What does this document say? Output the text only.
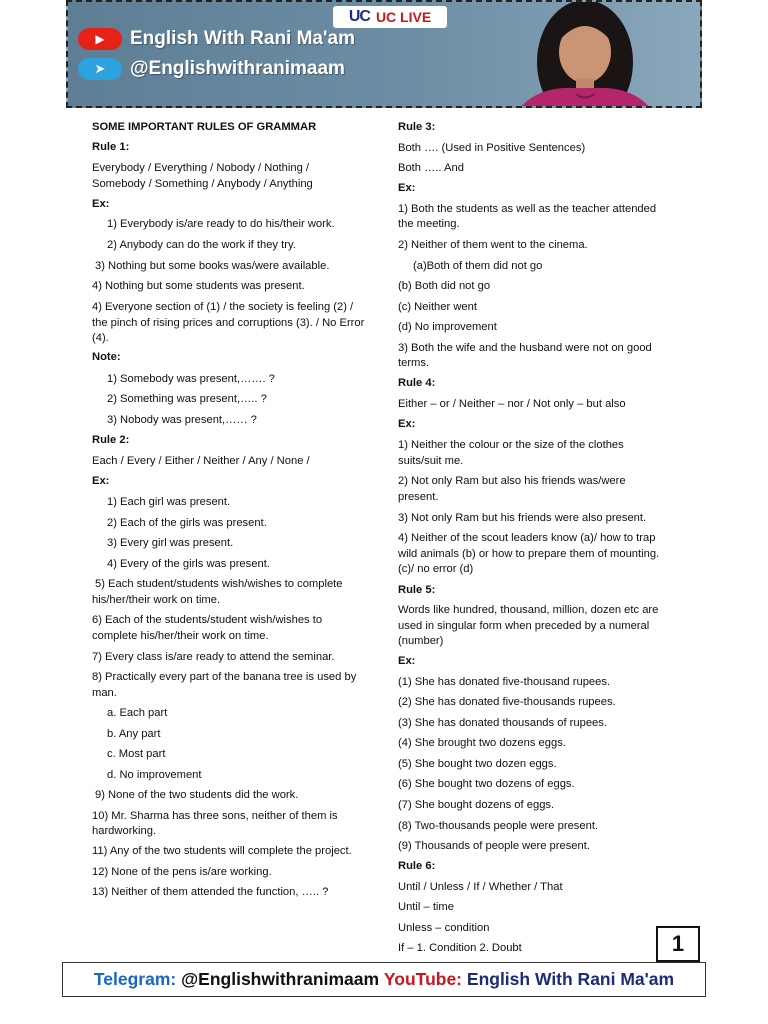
UC UC LIVE
▶	English With Rani Ma'am
➤	@Englishwithranimaam

SOME IMPORTANT RULES OF GRAMMAR

Rule 1:

Everybody / Everything / Nobody / Nothing /

Somebody / Something / Anybody / Anything

Ex:

1) Everybody is/are ready to do his/their work.

2) Anybody can do the work if they try.

3) Nothing but some books was/were available.

4) Nothing but some students was present.

4) Everyone section of (1) / the society is feeling (2) /

the pinch of rising prices and corruptions (3). / No Error

(4).

Note:

1) Somebody was present,……. ?

2) Something was present,….. ?

3) Nobody was present,…… ?

Rule 2:

Each / Every / Either / Neither / Any / None /

Ex:

1) Each girl was present.

2) Each of the girls was present.

3) Every girl was present.

4) Every of the girls was present.

5) Each student/students wish/wishes to complete

his/her/their work on time.

6) Each of the students/student wish/wishes to

complete his/her/their work on time.

7) Every class is/are ready to attend the seminar.

8) Practically every part of the banana tree is used by

man.

a. Each part

b. Any part

c. Most part

d. No improvement

9) None of the two students did the work.

10) Mr. Sharma has three sons, neither of them is

hardworking.

11) Any of the two students will complete the project.

12) None of the pens is/are working.

13) Neither of them attended the function, ….. ?

Rule 3:

Both …. (Used in Positive Sentences)

Both ….. And

Ex:

1) Both the students as well as the teacher attended

the meeting.

2) Neither of them went to the cinema.

(a)Both of them did not go

(b) Both did not go

(c) Neither went

(d) No improvement

3) Both the wife and the husband were not on good

terms.

Rule 4:

Either – or / Neither – nor / Not only – but also

Ex:

1) Neither the colour or the size of the clothes

suits/suit me.

2) Not only Ram but also his friends was/were

present.

3) Not only Ram but his friends were also present.

4) Neither of the scout leaders know (a)/ how to trap

wild animals (b) or how to prepare them of mounting.

(c)/ no error (d)

Rule 5:

Words like hundred, thousand, million, dozen etc are

used in singular form when preceded by a numeral

(number)

Ex:

(1) She has donated five-thousand rupees.

(2) She has donated five-thousands rupees.

(3) She has donated thousands of rupees.

(4) She brought two dozens eggs.

(5) She bought two dozen eggs.

(6) She bought two dozens of eggs.

(7) She bought dozens of eggs.

(8) Two-thousands people were present.

(9) Thousands of people were present.

Rule 6:

Until / Unless / If / Whether / That

Until – time

Unless – condition

If – 1. Condition 2. Doubt	1
Telegram:
@Englishwithranimaam
YouTube:
English With Rani Ma'am
